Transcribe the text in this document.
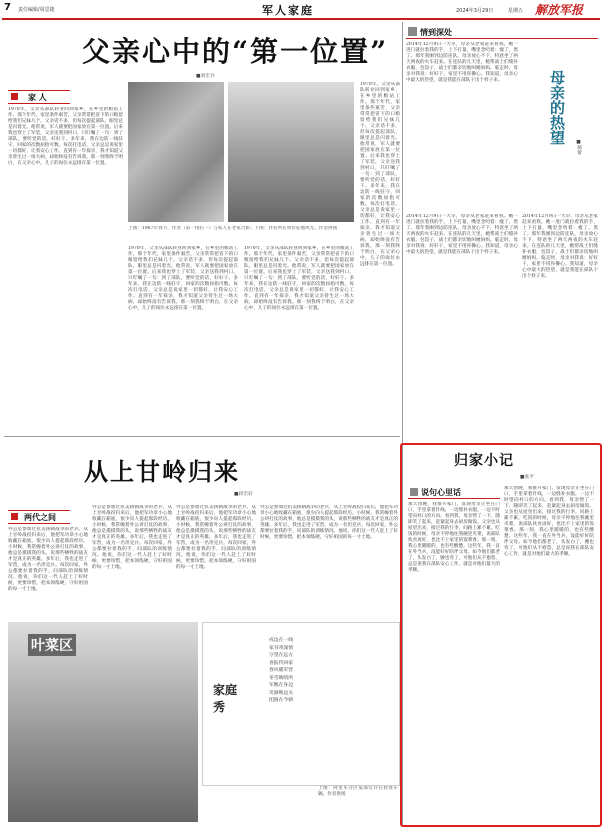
7 责任编辑/周思捷	军人家庭	2024年3月29日	星期五 解放军报
父亲心中的“第一位置”
■刘宏兵
家 人
1970年，父亲从部队转业回到家乡，在乡里的粮站工作。那个年代，家里条件艰苦，父亲常常把省下的口粮留给我们兄妹几个。父亲话不多，但每次提起部队，眼里总是闪着光。他常说，军人就要把国家放在第一位置。后来我也穿上了军装，父亲送我到村口，只叮嘱了一句：到了部队，要听党的话，好好干。多年来，我在边防一线驻守，回家的次数屈指可数。每次打电话，父亲总是说家里一切都好，让我安心工作。直到有一年探亲，我才知道父亲曾生过一场大病，却始终没有告诉我。那一刻我终于明白，在父亲心中，儿子的岗位永远排在第一位置。
上图：1987年春节，作者（第一排右一）与家人在老家合影；下图：作者所在单位驻地风光。作者供图
1970年，父亲从部队转业回到家乡，在乡里的粮站工作。那个年代，家里条件艰苦，父亲常常把省下的口粮留给我们兄妹几个。父亲话不多，但每次提起部队，眼里总是闪着光。他常说，军人就要把国家放在第一位置。后来我也穿上了军装，父亲送我到村口，只叮嘱了一句：到了部队，要听党的话，好好干。多年来，我在边防一线驻守，回家的次数屈指可数。每次打电话，父亲总是说家里一切都好，让我安心工作。直到有一年探亲，我才知道父亲曾生过一场大病，却始终没有告诉我。那一刻我终于明白，在父亲心中，儿子的岗位永远排在第一位置。
1970年，父亲从部队转业回到家乡，在乡里的粮站工作。那个年代，家里条件艰苦，父亲常常把省下的口粮留给我们兄妹几个。父亲话不多，但每次提起部队，眼里总是闪着光。他常说，军人就要把国家放在第一位置。后来我也穿上了军装，父亲送我到村口，只叮嘱了一句：到了部队，要听党的话，好好干。多年来，我在边防一线驻守，回家的次数屈指可数。每次打电话，父亲总是说家里一切都好，让我安心工作。直到有一年探亲，我才知道父亲曾生过一场大病，却始终没有告诉我。那一刻我终于明白，在父亲心中，儿子的岗位永远排在第一位置。
1970年，父亲从部队转业回到家乡，在乡里的粮站工作。那个年代，家里条件艰苦，父亲常常把省下的口粮留给我们兄妹几个。父亲话不多，但每次提起部队，眼里总是闪着光。他常说，军人就要把国家放在第一位置。后来我也穿上了军装，父亲送我到村口，只叮嘱了一句：到了部队，要听党的话，好好干。多年来，我在边防一线驻守，回家的次数屈指可数。每次打电话，父亲总是说家里一切都好，让我安心工作。直到有一年探亲，我才知道父亲曾生过一场大病，却始终没有告诉我。那一刻我终于明白，在父亲心中，儿子的岗位永远排在第一位置。
从上甘岭归来
■段宏轩
两代之间
外公是参加过抗美援朝战争的老兵，从上甘岭战役归来后，他把军功章小心地收藏在箱底，很少向人提起那段经历。小时候，我常缠着外公讲打仗的故事，他总是摸摸我的头，说那些牺牲的战友才是真正的英雄。多年后，我也走进了军营，成为一名坦克兵。每次回家，外公都要拉着我的手，问部队的训练情况。他说，你们这一代人赶上了好时候，更要珍惜，把本领练硬，守好祖国的每一寸土地。
外公是参加过抗美援朝战争的老兵，从上甘岭战役归来后，他把军功章小心地收藏在箱底，很少向人提起那段经历。小时候，我常缠着外公讲打仗的故事，他总是摸摸我的头，说那些牺牲的战友才是真正的英雄。多年后，我也走进了军营，成为一名坦克兵。每次回家，外公都要拉着我的手，问部队的训练情况。他说，你们这一代人赶上了好时候，更要珍惜，把本领练硬，守好祖国的每一寸土地。
外公是参加过抗美援朝战争的老兵，从上甘岭战役归来后，他把军功章小心地收藏在箱底，很少向人提起那段经历。小时候，我常缠着外公讲打仗的故事，他总是摸摸我的头，说那些牺牲的战友才是真正的英雄。多年后，我也走进了军营，成为一名坦克兵。每次回家，外公都要拉着我的手，问部队的训练情况。他说，你们这一代人赶上了好时候，更要珍惜，把本领练硬，守好祖国的每一寸土地。
外公是参加过抗美援朝战争的老兵，从上甘岭战役归来后，他把军功章小心地收藏在箱底，很少向人提起那段经历。小时候，我常缠着外公讲打仗的故事，他总是摸摸我的头，说那些牺牲的战友才是真正的英雄。多年后，我也走进了军营，成为一名坦克兵。每次回家，外公都要拉着我的手，问部队的训练情况。他说，你们这一代人赶上了好时候，更要珍惜，把本领练硬，守好祖国的每一寸土地。
叶菜区
上图：阿里军分区某部官兵在检查车辆。作者供图
家庭秀
戍边在一线
家书寄深情
守望在远方
喜报传回家
春风暖军营
冬雪映哨所
军嫂在身边
笑颜映边关
团圆在今朝
情到深处
2014年12月9日一大早，母亲从老家赶来看我。她一进门就拉着我的手，上下打量，嘴里念叨着：瘦了，黑了。那年我刚到边防连队，母亲放心不下，特意坐了两天两夜的火车赶来。在连队的几天里，她帮战士们缝补衣服，包饺子，战士们都亲切地叫她妈妈。临走时，母亲对我说：好好干，家里不用你操心。我知道，母亲心中最大的热望，就是我能在部队干出个样子来。	母亲的热望
■郝蕾
2014年12月9日一大早，母亲从老家赶来看我。她一进门就拉着我的手，上下打量，嘴里念叨着：瘦了，黑了。那年我刚到边防连队，母亲放心不下，特意坐了两天两夜的火车赶来。在连队的几天里，她帮战士们缝补衣服，包饺子，战士们都亲切地叫她妈妈。临走时，母亲对我说：好好干，家里不用你操心。我知道，母亲心中最大的热望，就是我能在部队干出个样子来。
2014年12月9日一大早，母亲从老家赶来看我。她一进门就拉着我的手，上下打量，嘴里念叨着：瘦了，黑了。那年我刚到边防连队，母亲放心不下，特意坐了两天两夜的火车赶来。在连队的几天里，她帮战士们缝补衣服，包饺子，战士们都亲切地叫她妈妈。临走时，母亲对我说：好好干，家里不用你操心。我知道，母亲心中最大的热望，就是我能在部队干出个样子来。
归家小记
■张平
说句心里话
那天傍晚，我推开家门，发现母亲正坐在门口，手里拿着针线，一边缝补衣服，一边不时望向村口的方向。看到我，母亲愣了一下，随即笑了起来，赶紧起身去厨房做饭。父亲也从屋里出来，接过我的行李，问路上累不累。吃饭的时候，母亲不停地往我碗里夹菜，说部队伙食再好，也比不上家里的饭菜香。那一刻，我心里暖暖的，也有些酸楚。这些年，我一直在外当兵，没能好好陪伴父母。如今他们都老了，头发白了，腰也弯了，可他们从不抱怨，总是说我在部队安心工作，就是对他们最大的孝顺。
那天傍晚，我推开家门，发现母亲正坐在门口，手里拿着针线，一边缝补衣服，一边不时望向村口的方向。看到我，母亲愣了一下，随即笑了起来，赶紧起身去厨房做饭。父亲也从屋里出来，接过我的行李，问路上累不累。吃饭的时候，母亲不停地往我碗里夹菜，说部队伙食再好，也比不上家里的饭菜香。那一刻，我心里暖暖的，也有些酸楚。这些年，我一直在外当兵，没能好好陪伴父母。如今他们都老了，头发白了，腰也弯了，可他们从不抱怨，总是说我在部队安心工作，就是对他们最大的孝顺。
